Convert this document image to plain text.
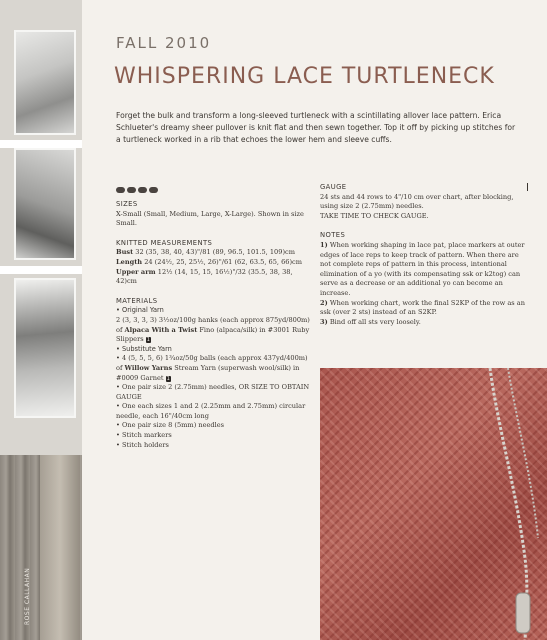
ROSE CALLAHAN
FALL 2010
WHISPERING LACE TURTLENECK
Forget the bulk and transform a long-sleeved turtleneck with a scintillating allover lace pattern. Erica Schlueter's dreamy sheer pullover is knit flat and then sewn together. Top it off by picking up stitches for a turtleneck worked in a rib that echoes the lower hem and sleeve cuffs.
SIZES
X-Small (Small, Medium, Large, X-Large). Shown in size Small.
KNITTED MEASUREMENTS
Bust 32 (35, 38, 40, 43)"/81 (89, 96.5, 101.5, 109)cm
Length 24 (24½, 25, 25½, 26)"/61 (62, 63.5, 65, 66)cm
Upper arm 12½ (14, 15, 15, 16½)"/32 (35.5, 38, 38, 42)cm
MATERIALS
• Original Yarn
2 (3, 3, 3, 3) 3½oz/100g hanks (each approx 875yd/800m) of Alpaca With a Twist Fino (alpaca/silk) in #3001 Ruby Slippers 1
• Substitute Yarn
• 4 (5, 5, 5, 6) 1¾oz/50g balls (each approx 437yd/400m) of Willow Yarns Stream Yarn (superwash wool/silk) in #0009 Garnet 1
• One pair size 2 (2.75mm) needles, OR SIZE TO OBTAIN GAUGE
• One each sizes 1 and 2 (2.25mm and 2.75mm) circular needle, each 16"/40cm long
• One pair size 8 (5mm) needles
• Stitch markers
• Stitch holders
GAUGE
24 sts and 44 rows to 4"/10 cm over chart, after blocking, using size 2 (2.75mm) needles.
TAKE TIME TO CHECK GAUGE.
NOTES
1) When working shaping in lace pat, place markers at outer edges of lace reps to keep track of pattern. When there are not complete reps of pattern in this process, intentional elimination of a yo (with its compensating ssk or k2tog) can serve as a decrease or an additional yo can become an increase.
2) When working chart, work the final S2KP of the row as an ssk (over 2 sts) instead of an S2KP.
3) Bind off all sts very loosely.
